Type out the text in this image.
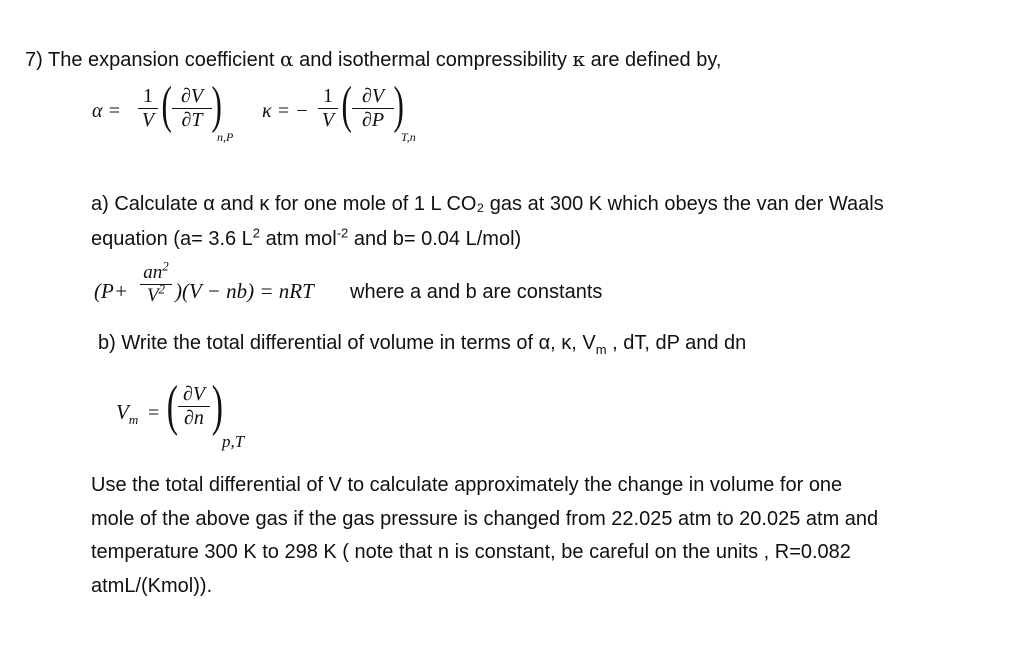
7) The expansion coefficient α and isothermal compressibility κ are defined by,
α =
1
V ( ∂V
∂T )
n,P
κ = −
1
V ( ∂V
∂P )
T,n
a) Calculate α and κ for one mole of 1 L CO₂ gas at 300 K which obeys the van der Waals
equation (a= 3.6 $L^2$ atm mol$^{-2}$ and b= 0.04 L/mol)
(P+
$an^2$
$V^2$ )(V − nb) = nRT where a and b are constants
b) Write the total differential of volume in terms of α, κ, $V_m$ , dT, dP and dn
$V_m$ = ( ∂V
∂n )
p,T
Use the total differential of V to calculate approximately the change in volume for one
mole of the above gas if the gas pressure is changed from 22.025 atm to 20.025 atm and
temperature 300 K to 298 K ( note that n is constant, be careful on the units , R=0.082
atmL/(Kmol)).
